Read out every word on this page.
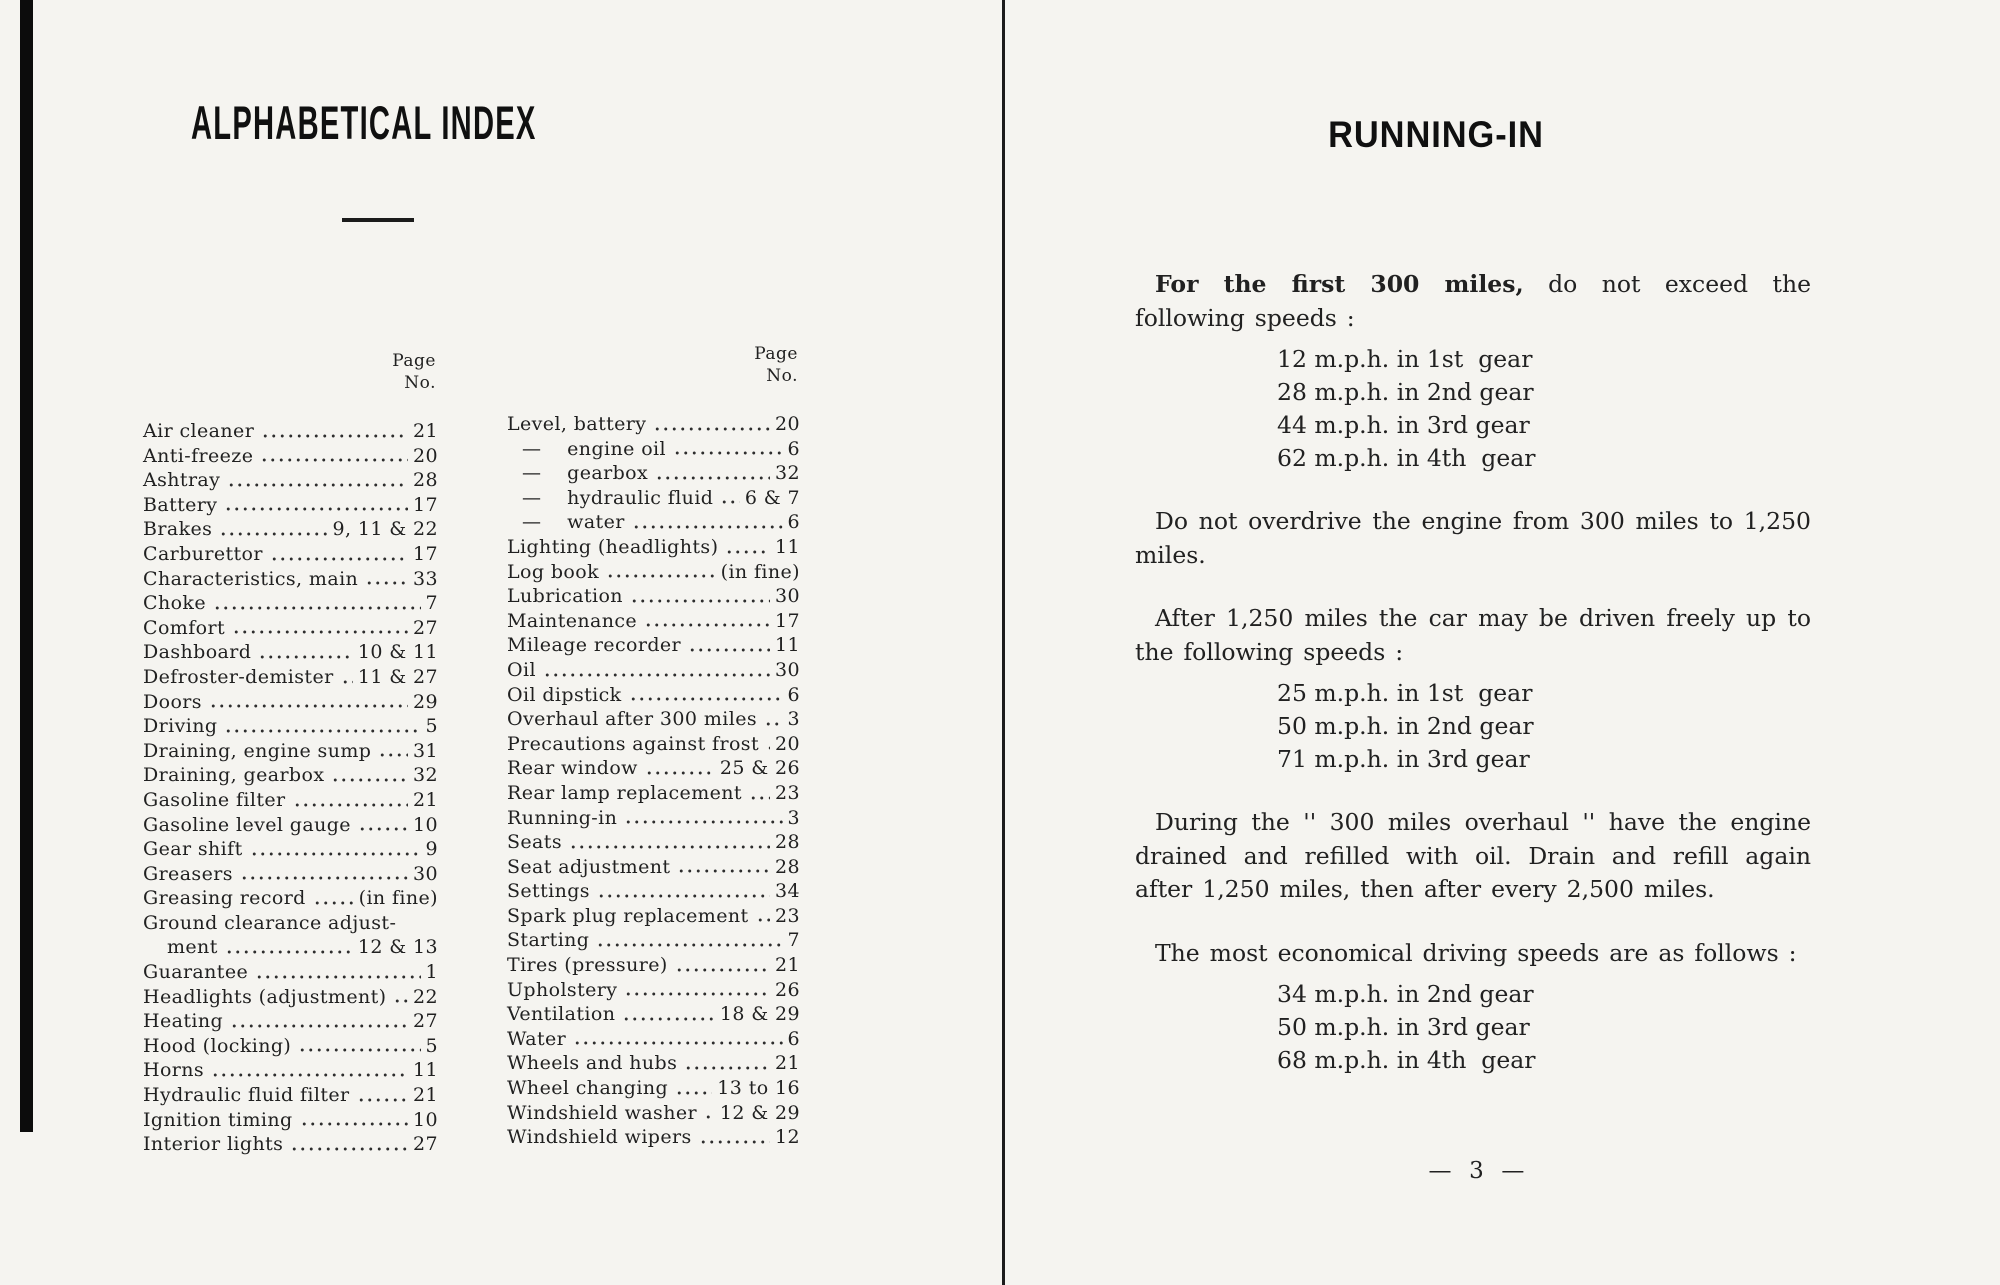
ALPHABETICAL INDEX
Page
No.
Air cleaner	21
Anti-freeze	20
Ashtray	28
Battery	17
Brakes	9, 11 & 22
Carburettor	17
Characteristics, main	33
Choke	7
Comfort	27
Dashboard	10 & 11
Defroster-demister 11 & 27
Doors	29
Driving	5
Draining, engine sump 31
Draining, gearbox	32
Gasoline filter	21
Gasoline level gauge	10
Gear shift	9
Greasers	30
Greasing record	(in fine)
Ground clearance adjust-
ment	12 & 13
Guarantee	1
Headlights (adjustment) 22
Heating	27
Hood (locking)	5
Horns	11
Hydraulic fluid filter	21
Ignition timing	10
Interior lights	27
Page
No.
Level, battery	20
—    engine oil	6
—    gearbox	32
—    hydraulic fluid 6 & 7
—    water	6
Lighting (headlights)	11
Log book	(in fine)
Lubrication	30
Maintenance	17
Mileage recorder	11
Oil	30
Oil dipstick	6
Overhaul after 300 miles 3
Precautions against frost 20
Rear window	25 & 26
Rear lamp replacement 23
Running-in	3
Seats	28
Seat adjustment	28
Settings	34
Spark plug replacement 23
Starting	7
Tires (pressure)	21
Upholstery	26
Ventilation	18 & 29
Water	6
Wheels and hubs	21
Wheel changing	13 to 16
Windshield washer 12 & 29
Windshield wipers	12
RUNNING-IN

For the first 300 miles, do not exceed the following speeds :

12 m.p.h. in 1st  gear
28 m.p.h. in 2nd gear
44 m.p.h. in 3rd gear
62 m.p.h. in 4th  gear

Do not overdrive the engine from 300 miles to 1,250 miles.

After 1,250 miles the car may be driven freely up to the following speeds :

25 m.p.h. in 1st  gear
50 m.p.h. in 2nd gear
71 m.p.h. in 3rd gear

During the '' 300 miles overhaul '' have the engine drained and refilled with oil. Drain and refill again after 1,250 miles, then after every 2,500 miles.

The most economical driving speeds are as follows :

34 m.p.h. in 2nd gear
50 m.p.h. in 3rd gear
68 m.p.h. in 4th  gear
—  3  —
